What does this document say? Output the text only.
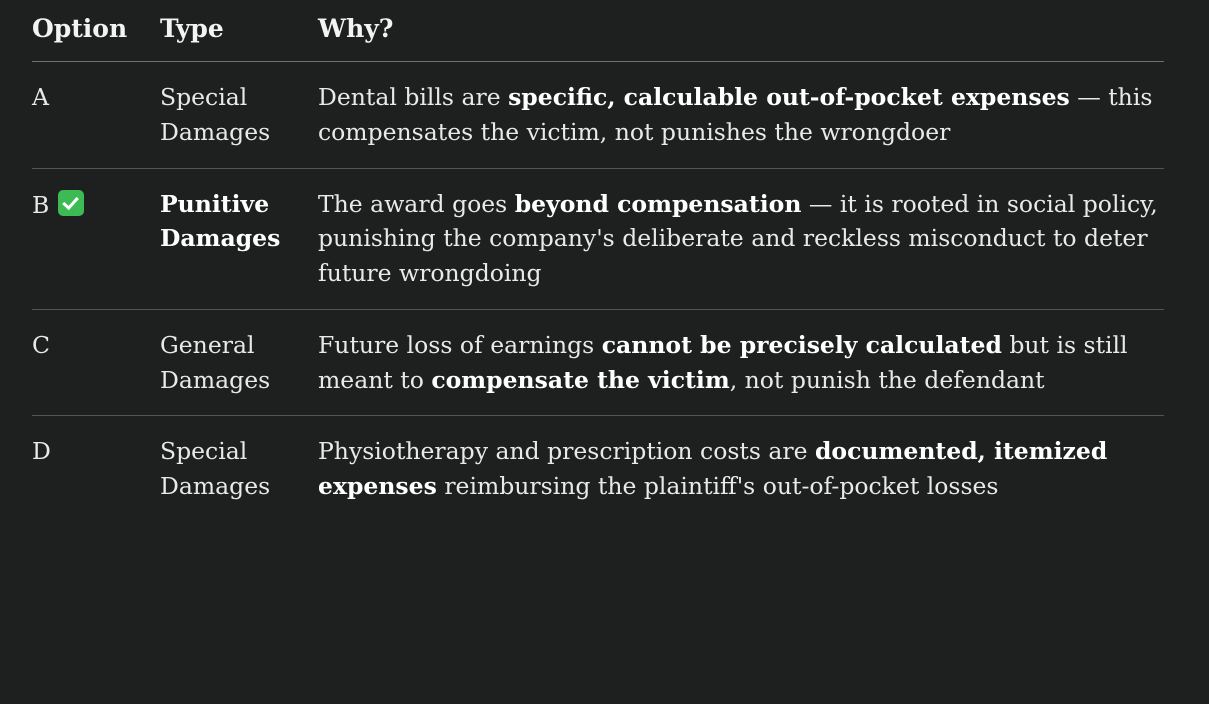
Option	Type	Why?
A	Special Damages	Dental bills are specific, calculable out-of-pocket expenses — this compensates the victim, not punishes the wrongdoer
B	Punitive Damages	The award goes beyond compensation — it is rooted in social policy, punishing the company's deliberate and reckless misconduct to deter future wrongdoing
C	General Damages	Future loss of earnings cannot be precisely calculated but is still meant to compensate the victim, not punish the defendant
D	Special Damages	Physiotherapy and prescription costs are documented, itemized expenses reimbursing the plaintiff's out-of-pocket losses
